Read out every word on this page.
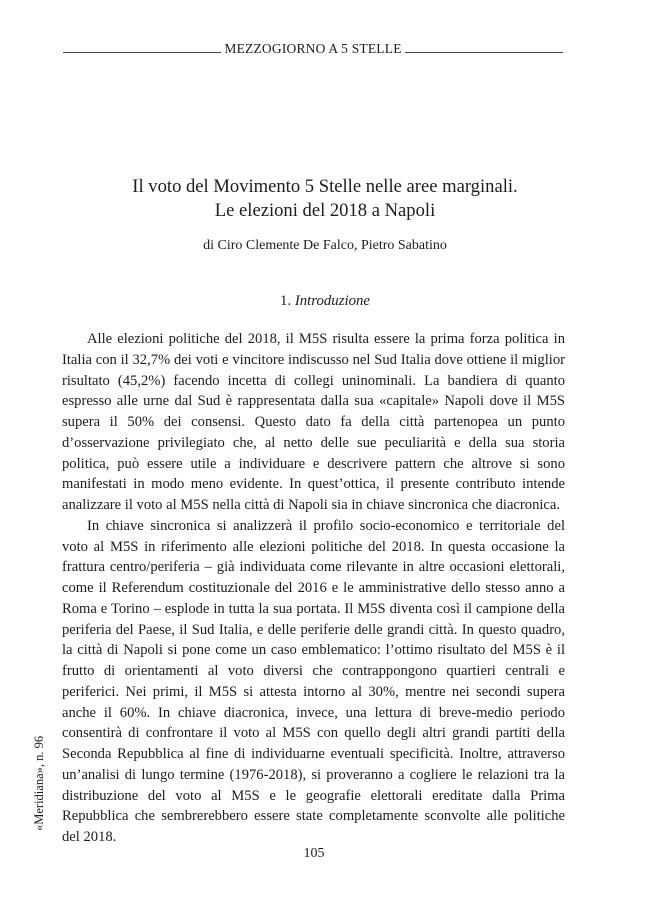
MEZZOGIORNO A 5 STELLE
Il voto del Movimento 5 Stelle nelle aree marginali.
Le elezioni del 2018 a Napoli
di Ciro Clemente De Falco, Pietro Sabatino
1. Introduzione

Alle elezioni politiche del 2018, il M5S risulta essere la prima forza politica in Italia con il 32,7% dei voti e vincitore indiscusso nel Sud Italia dove ottiene il miglior risultato (45,2%) facendo incetta di collegi uninominali. La bandiera di quanto espresso alle urne dal Sud è rappresentata dalla sua «capitale» Napoli dove il M5S supera il 50% dei consensi. Questo dato fa della città partenopea un punto d’osservazione privilegiato che, al netto delle sue peculiarità e della sua storia politica, può essere utile a individuare e descrivere pattern che altrove si sono manifestati in modo meno evidente. In quest’ottica, il presente contributo intende analizzare il voto al M5S nella città di Napoli sia in chiave sincronica che diacronica.

In chiave sincronica si analizzerà il profilo socio-economico e territoriale del voto al M5S in riferimento alle elezioni politiche del 2018. In questa occasione la frattura centro/periferia – già individuata come rilevante in altre occasioni elettorali, come il Referendum costituzionale del 2016 e le amministrative dello stesso anno a Roma e Torino – esplode in tutta la sua portata. Il M5S diventa così il campione della periferia del Paese, il Sud Italia, e delle periferie delle grandi città. In questo quadro, la città di Napoli si pone come un caso emblematico: l’ottimo risultato del M5S è il frutto di orientamenti al voto diversi che contrappongono quartieri centrali e periferici. Nei primi, il M5S si attesta intorno al 30%, mentre nei secondi supera anche il 60%. In chiave diacronica, invece, una lettura di breve-medio periodo consentirà di confrontare il voto al M5S con quello degli altri grandi partiti della Seconda Repubblica al fine di individuarne eventuali specificità. Inoltre, attraverso un’analisi di lungo termine (1976-2018), si proveranno a cogliere le relazioni tra la distribuzione del voto al M5S e le geografie elettorali ereditate dalla Prima Repubblica che sembrerebbero essere state completamente sconvolte alle politiche del 2018.

«Meridiana», n. 96
105
